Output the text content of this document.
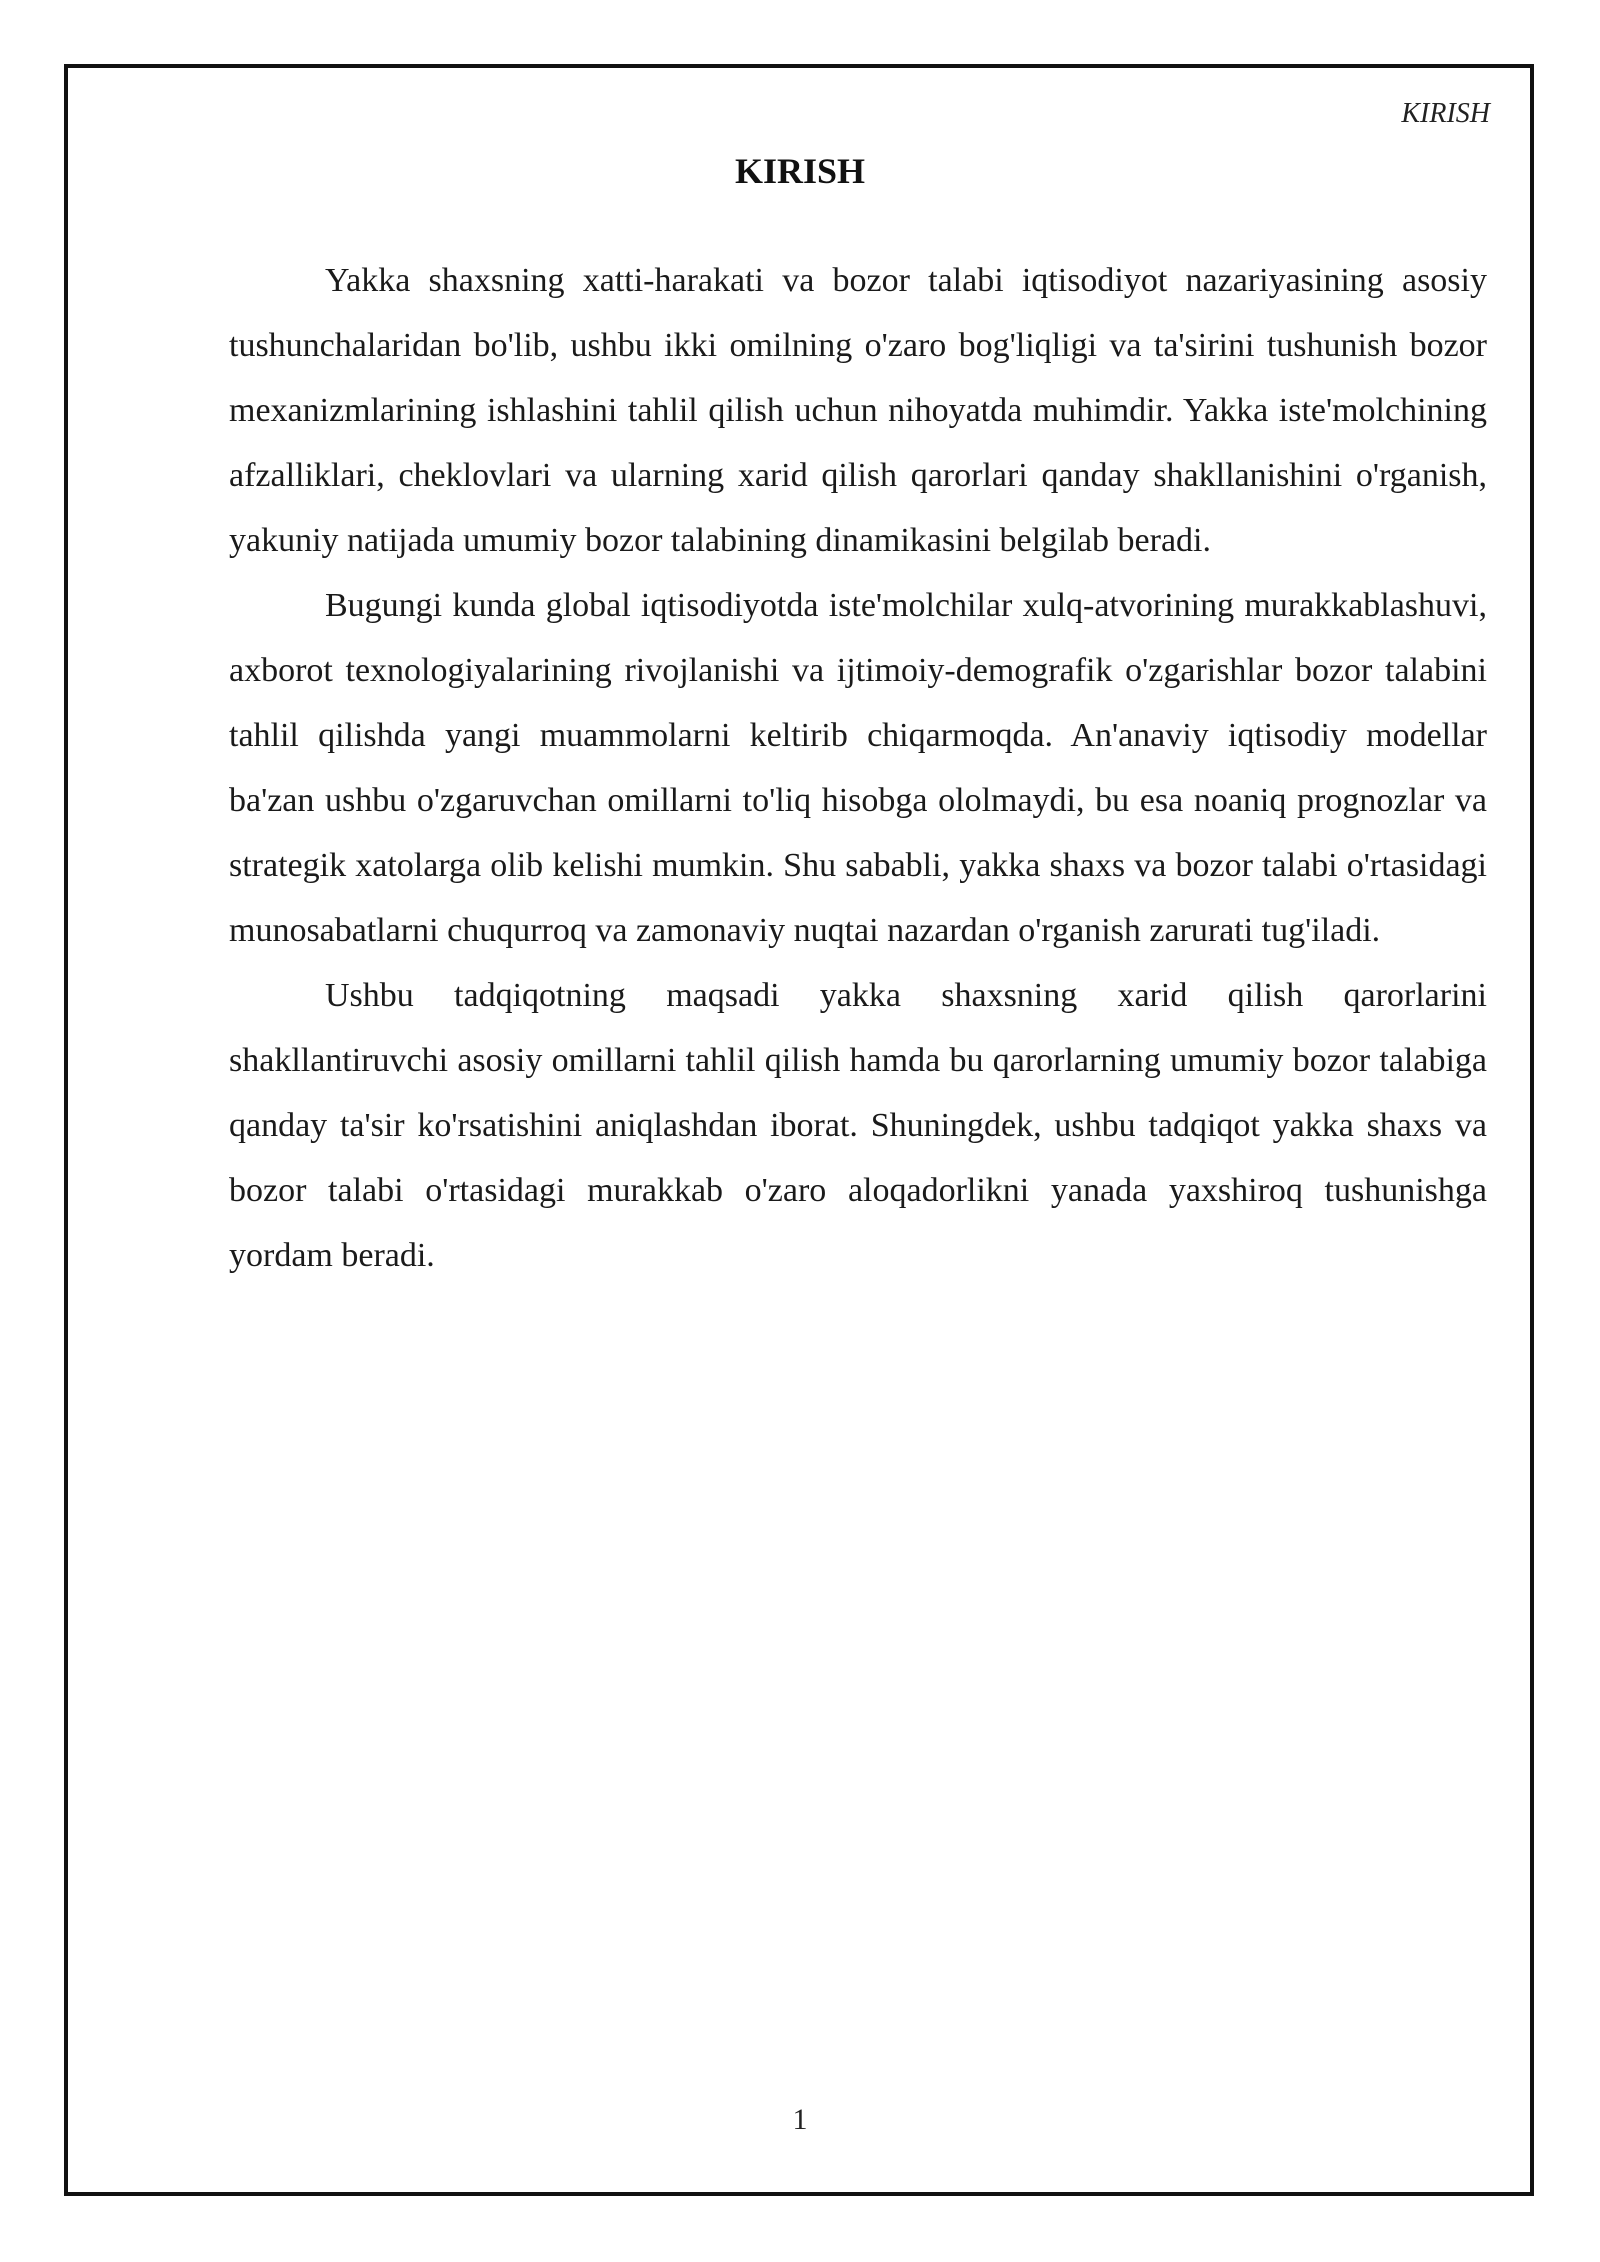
KIRISH
KIRISH

Yakka shaxsning xatti-harakati va bozor talabi iqtisodiyot nazariyasining asosiy tushunchalaridan bo'lib, ushbu ikki omilning o'zaro bog'liqligi va ta'sirini tushunish bozor mexanizmlarining ishlashini tahlil qilish uchun nihoyatda muhimdir. Yakka iste'molchining afzalliklari, cheklovlari va ularning xarid qilish qarorlari qanday shakllanishini o'rganish, yakuniy natijada umumiy bozor talabining dinamikasini belgilab beradi.

Bugungi kunda global iqtisodiyotda iste'molchilar xulq-atvorining murakkablashuvi, axborot texnologiyalarining rivojlanishi va ijtimoiy-demografik o'zgarishlar bozor talabini tahlil qilishda yangi muammolarni keltirib chiqarmoqda. An'anaviy iqtisodiy modellar ba'zan ushbu o'zgaruvchan omillarni to'liq hisobga ololmaydi, bu esa noaniq prognozlar va strategik xatolarga olib kelishi mumkin. Shu sababli, yakka shaxs va bozor talabi o'rtasidagi munosabatlarni chuqurroq va zamonaviy nuqtai nazardan o'rganish zarurati tug'iladi.

Ushbu tadqiqotning maqsadi yakka shaxsning xarid qilish qarorlarini shakllantiruvchi asosiy omillarni tahlil qilish hamda bu qarorlarning umumiy bozor talabiga qanday ta'sir ko'rsatishini aniqlashdan iborat. Shuningdek, ushbu tadqiqot yakka shaxs va bozor talabi o'rtasidagi murakkab o'zaro aloqadorlikni yanada yaxshiroq tushunishga yordam beradi.

1
